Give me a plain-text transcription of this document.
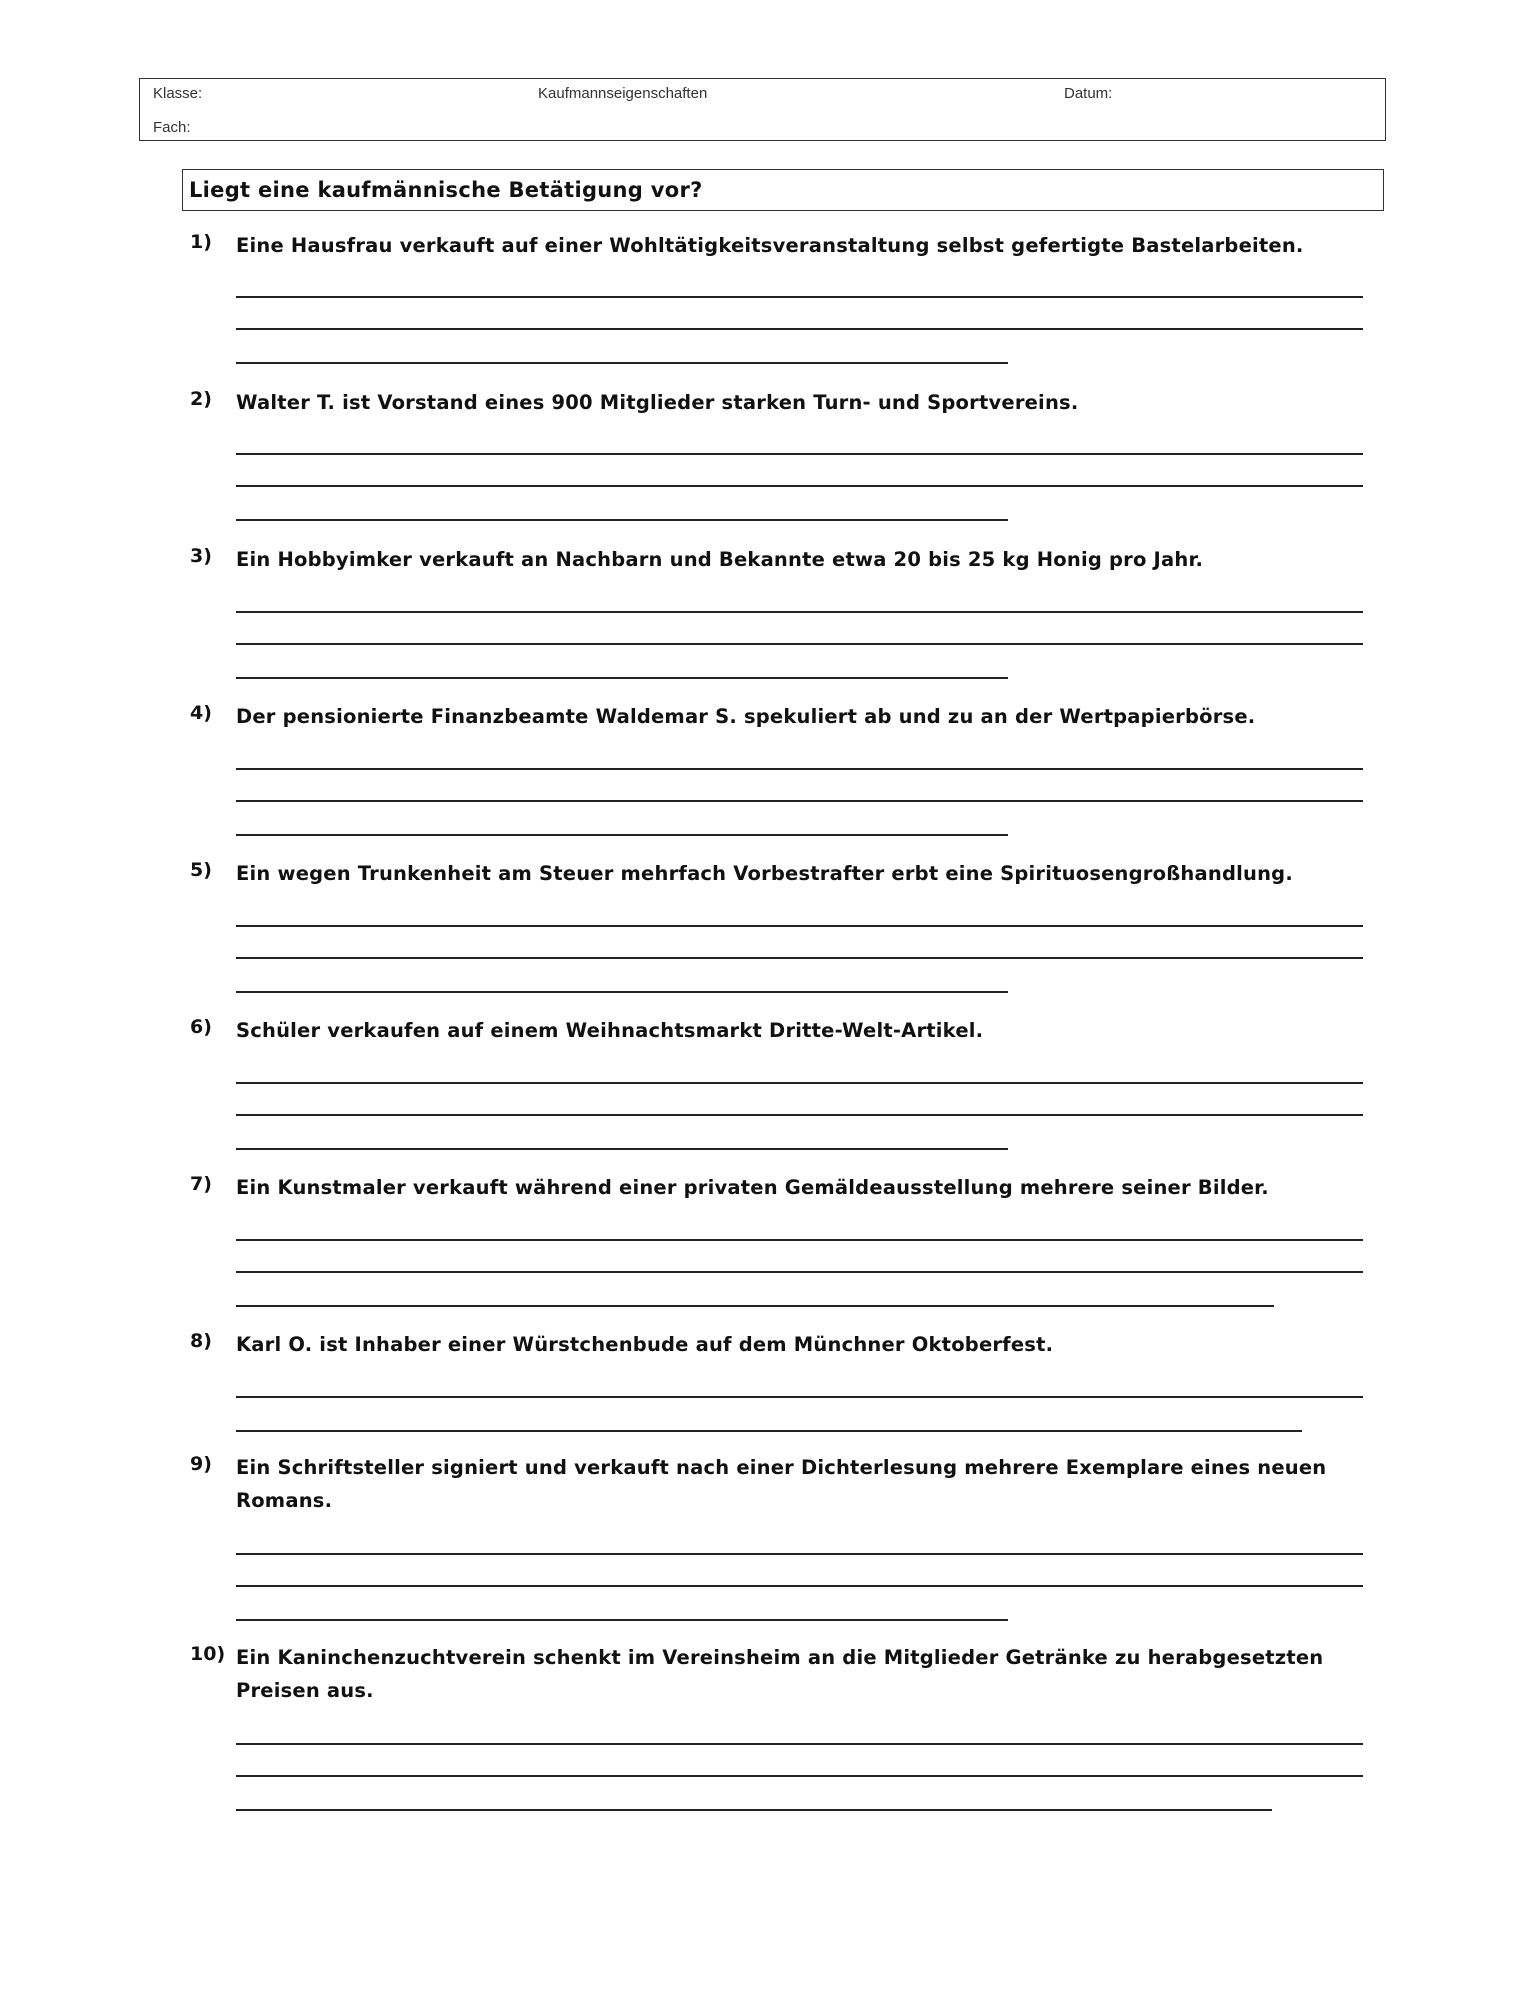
Klasse:	Kaufmannseigenschaften	Datum:
Fach:
Liegt eine kaufmännische Betätigung vor?
1) Eine Hausfrau verkauft auf einer Wohltätigkeitsveranstaltung selbst gefertigte Bastelarbeiten.
2) Walter T. ist Vorstand eines 900 Mitglieder starken Turn- und Sportvereins.
3) Ein Hobbyimker verkauft an Nachbarn und Bekannte etwa 20 bis 25 kg Honig pro Jahr.
4) Der pensionierte Finanzbeamte Waldemar S. spekuliert ab und zu an der Wertpapierbörse.
5) Ein wegen Trunkenheit am Steuer mehrfach Vorbestrafter erbt eine Spirituosengroßhandlung.
6) Schüler verkaufen auf einem Weihnachtsmarkt Dritte-Welt-Artikel.
7) Ein Kunstmaler verkauft während einer privaten Gemäldeausstellung mehrere seiner Bilder.
8) Karl O. ist Inhaber einer Würstchenbude auf dem Münchner Oktoberfest.
9) Ein Schriftsteller signiert und verkauft nach einer Dichterlesung mehrere Exemplare eines neuen Romans.
10) Ein Kaninchenzuchtverein schenkt im Vereinsheim an die Mitglieder Getränke zu herabgesetzten Preisen aus.
